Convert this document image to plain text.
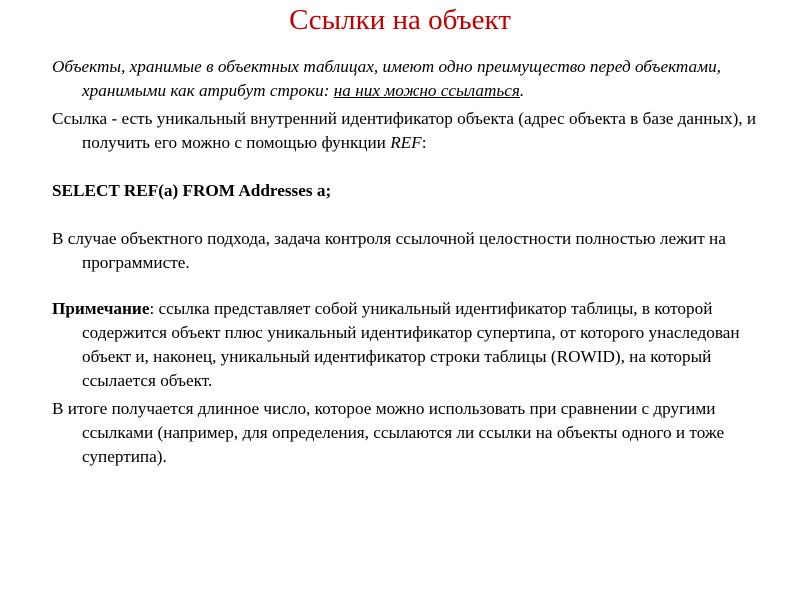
Ссылки на объект

Объекты, хранимые в объектных таблицах, имеют одно преимущество перед объектами, хранимыми как атрибут строки: на них можно ссылаться.

Ссылка - есть уникальный внутренний идентификатор объекта (адрес объекта в базе данных), и получить его можно с помощью функции REF:

SELECT REF(a) FROM Addresses a;

В случае объектного подхода, задача контроля ссылочной целостности полностью лежит на программисте.

Примечание: ссылка представляет собой уникальный идентификатор таблицы, в которой содержится объект плюс уникальный идентификатор супертипа, от которого унаследован объект и, наконец, уникальный идентификатор строки таблицы (ROWID), на который ссылается объект.

В итоге получается длинное число, которое можно использовать при сравнении с другими ссылками (например, для определения, ссылаются ли ссылки на объекты одного и тоже супертипа).
